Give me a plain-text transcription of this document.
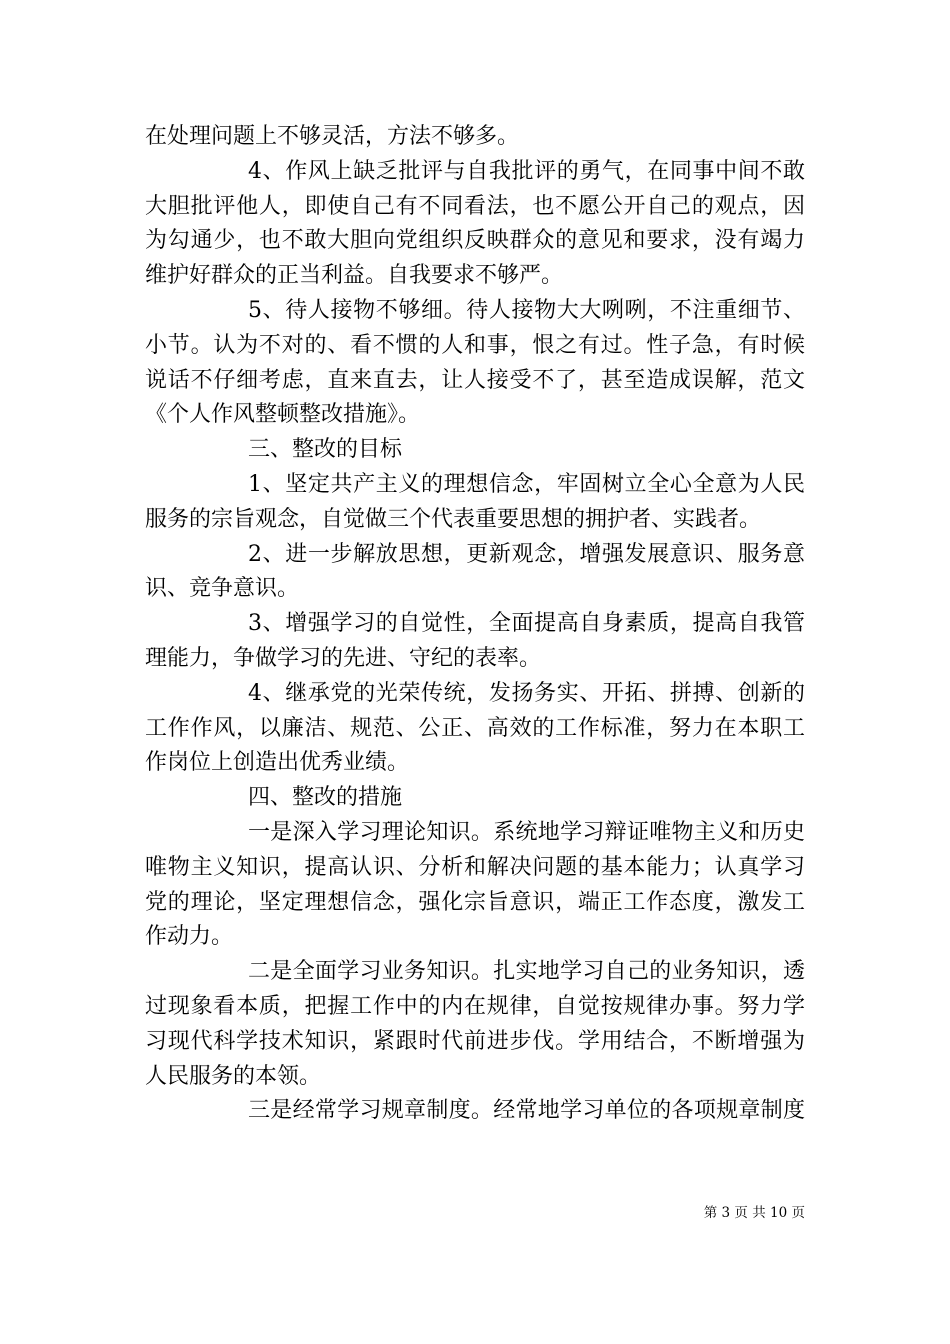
在处理问题上不够灵活，方法不够多。
4、作风上缺乏批评与自我批评的勇气，在同事中间不敢
大胆批评他人，即使自己有不同看法，也不愿公开自己的观点，因
为勾通少，也不敢大胆向党组织反映群众的意见和要求，没有竭力
维护好群众的正当利益。自我要求不够严。
5、待人接物不够细。待人接物大大咧咧，不注重细节、
小节。认为不对的、看不惯的人和事，恨之有过。性子急，有时候
说话不仔细考虑，直来直去，让人接受不了，甚至造成误解，范文
《个人作风整顿整改措施》。
三、整改的目标
1、坚定共产主义的理想信念，牢固树立全心全意为人民
服务的宗旨观念，自觉做三个代表重要思想的拥护者、实践者。
2、进一步解放思想，更新观念，增强发展意识、服务意
识、竞争意识。
3、增强学习的自觉性，全面提高自身素质，提高自我管
理能力，争做学习的先进、守纪的表率。
4、继承党的光荣传统，发扬务实、开拓、拼搏、创新的
工作作风，以廉洁、规范、公正、高效的工作标准，努力在本职工
作岗位上创造出优秀业绩。
四、整改的措施
一是深入学习理论知识。系统地学习辩证唯物主义和历史
唯物主义知识，提高认识、分析和解决问题的基本能力；认真学习
党的理论，坚定理想信念，强化宗旨意识，端正工作态度，激发工
作动力。
二是全面学习业务知识。扎实地学习自己的业务知识，透
过现象看本质，把握工作中的内在规律，自觉按规律办事。努力学
习现代科学技术知识，紧跟时代前进步伐。学用结合，不断增强为
人民服务的本领。
三是经常学习规章制度。经常地学习单位的各项规章制度
第 3 页 共 10 页
